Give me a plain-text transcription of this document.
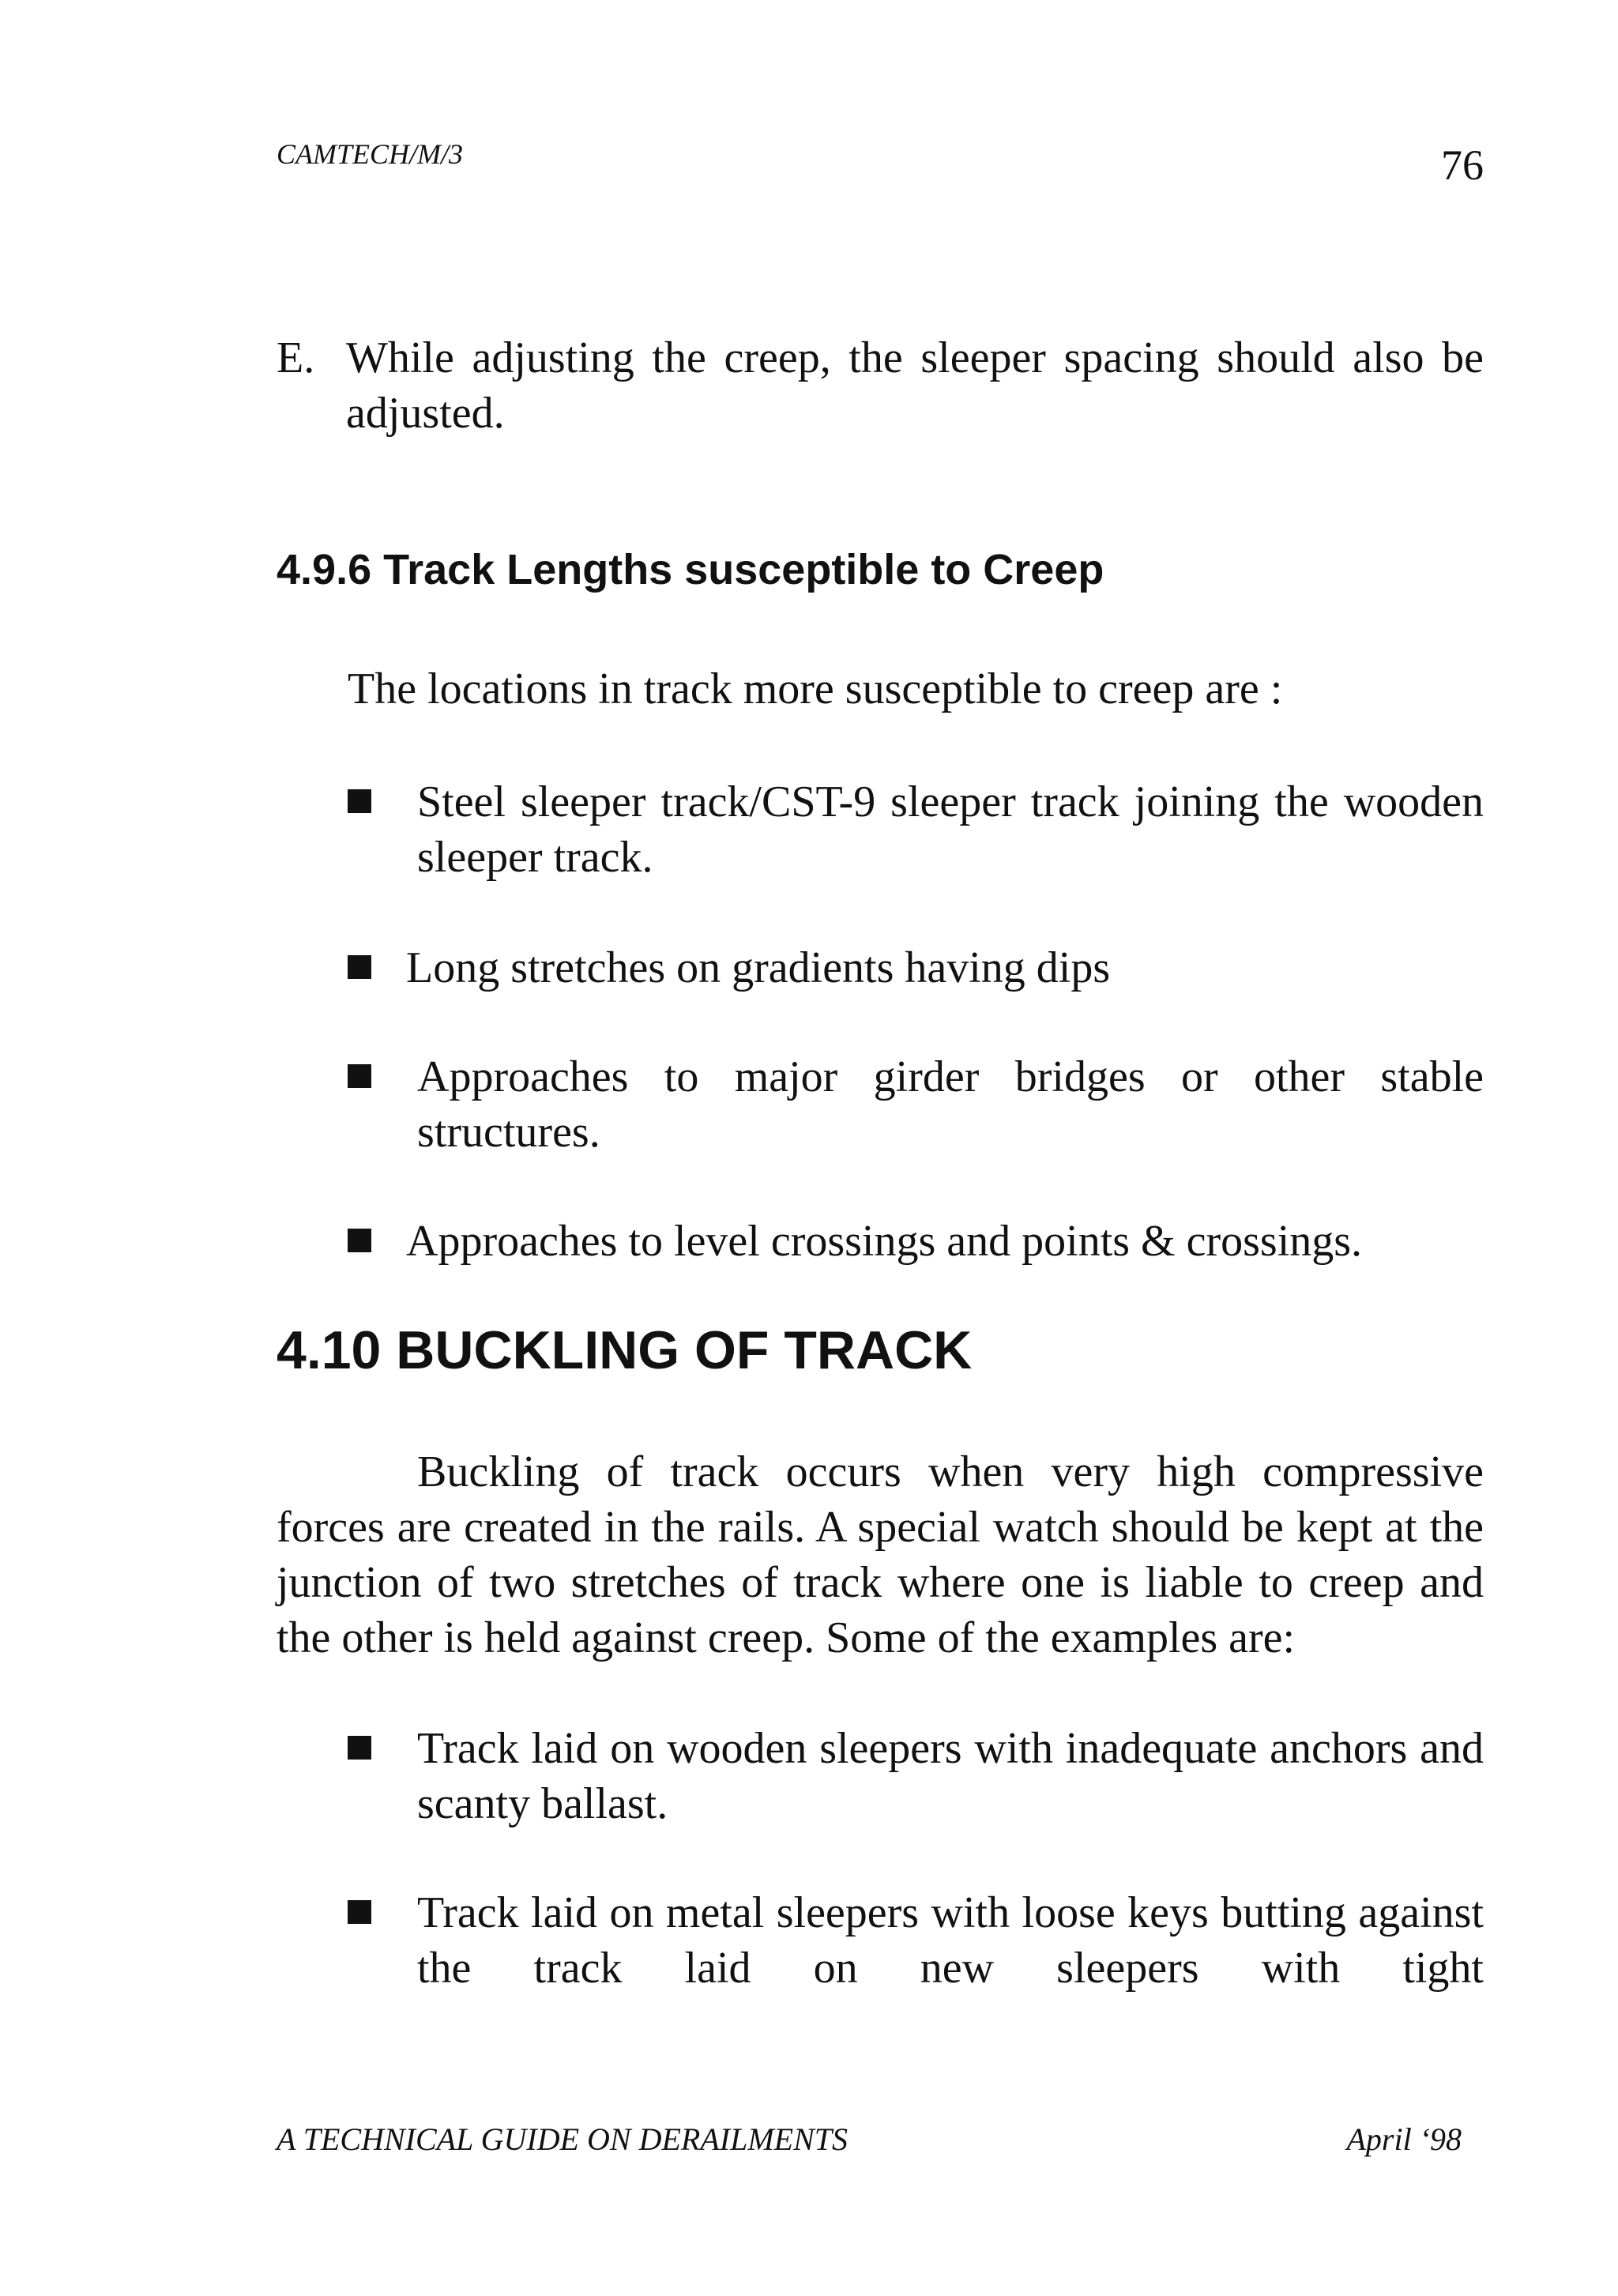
CAMTECH/M/3	76
E. While adjusting the creep, the sleeper spacing should also be adjusted.
4.9.6 Track Lengths susceptible to Creep
The locations in track more susceptible to creep are :
Steel sleeper track/CST-9 sleeper track joining the wooden sleeper track.
Long stretches on gradients having dips
Approaches to major girder bridges or other stable structures.
Approaches to level crossings and points & crossings.
4.10 BUCKLING OF TRACK
Buckling of track occurs when very high compressive forces are created in the rails. A special watch should be kept at the junction of two stretches of track where one is liable to creep and the other is held against creep. Some of the examples are:
Track laid on wooden sleepers with inadequate anchors and scanty ballast.
Track laid on metal sleepers with loose keys butting against the track laid on new sleepers with tight
A TECHNICAL GUIDE ON DERAILMENTS	April ‘98
